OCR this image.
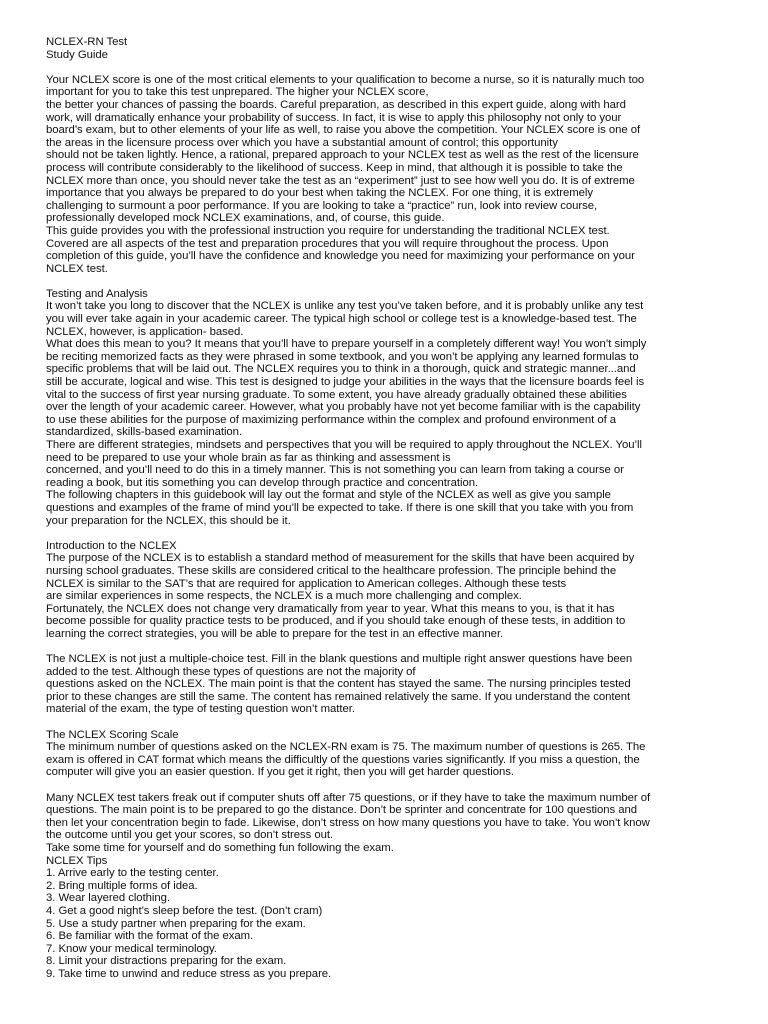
NCLEX-RN Test
Study Guide
Your NCLEX score is one of the most critical elements to your qualification to become a nurse, so it is naturally much too
important for you to take this test unprepared. The higher your NCLEX score,
the better your chances of passing the boards. Careful preparation, as described in this expert guide, along with hard
work, will dramatically enhance your probability of success. In fact, it is wise to apply this philosophy not only to your
board’s exam, but to other elements of your life as well, to raise you above the competition. Your NCLEX score is one of
the areas in the licensure process over which you have a substantial amount of control; this opportunity
should not be taken lightly. Hence, a rational, prepared approach to your NCLEX test as well as the rest of the licensure
process will contribute considerably to the likelihood of success. Keep in mind, that although it is possible to take the
NCLEX more than once, you should never take the test as an “experiment” just to see how well you do. It is of extreme
importance that you always be prepared to do your best when taking the NCLEX. For one thing, it is extremely
challenging to surmount a poor performance. If you are looking to take a “practice” run, look into review course,
professionally developed mock NCLEX examinations, and, of course, this guide.
This guide provides you with the professional instruction you require for understanding the traditional NCLEX test.
Covered are all aspects of the test and preparation procedures that you will require throughout the process. Upon
completion of this guide, you’ll have the confidence and knowledge you need for maximizing your performance on your
NCLEX test.
Testing and Analysis
It won’t take you long to discover that the NCLEX is unlike any test you’ve taken before, and it is probably unlike any test
you will ever take again in your academic career. The typical high school or college test is a knowledge-based test. The
NCLEX, however, is application- based.
What does this mean to you? It means that you’ll have to prepare yourself in a completely different way! You won’t simply
be reciting memorized facts as they were phrased in some textbook, and you won’t be applying any learned formulas to
specific problems that will be laid out. The NCLEX requires you to think in a thorough, quick and strategic manner...and
still be accurate, logical and wise. This test is designed to judge your abilities in the ways that the licensure boards feel is
vital to the success of first year nursing graduate. To some extent, you have already gradually obtained these abilities
over the length of your academic career. However, what you probably have not yet become familiar with is the capability
to use these abilities for the purpose of maximizing performance within the complex and profound environment of a
standardized, skills-based examination.
There are different strategies, mindsets and perspectives that you will be required to apply throughout the NCLEX. You’ll
need to be prepared to use your whole brain as far as thinking and assessment is
concerned, and you’ll need to do this in a timely manner. This is not something you can learn from taking a course or
reading a book, but itis something you can develop through practice and concentration.
The following chapters in this guidebook will lay out the format and style of the NCLEX as well as give you sample
questions and examples of the frame of mind you’ll be expected to take. If there is one skill that you take with you from
your preparation for the NCLEX, this should be it.
Introduction to the NCLEX
The purpose of the NCLEX is to establish a standard method of measurement for the skills that have been acquired by
nursing school graduates. These skills are considered critical to the healthcare profession. The principle behind the
NCLEX is similar to the SAT’s that are required for application to American colleges. Although these tests
are similar experiences in some respects, the NCLEX is a much more challenging and complex.
Fortunately, the NCLEX does not change very dramatically from year to year. What this means to you, is that it has
become possible for quality practice tests to be produced, and if you should take enough of these tests, in addition to
learning the correct strategies, you will be able to prepare for the test in an effective manner.
The NCLEX is not just a multiple-choice test. Fill in the blank questions and multiple right answer questions have been
added to the test. Although these types of questions are not the majority of
questions asked on the NCLEX. The main point is that the content has stayed the same. The nursing principles tested
prior to these changes are still the same. The content has remained relatively the same. If you understand the content
material of the exam, the type of testing question won’t matter.
The NCLEX Scoring Scale
The minimum number of questions asked on the NCLEX-RN exam is 75. The maximum number of questions is 265. The
exam is offered in CAT format which means the difficultly of the questions varies significantly. If you miss a question, the
computer will give you an easier question. If you get it right, then you will get harder questions.
Many NCLEX test takers freak out if computer shuts off after 75 questions, or if they have to take the maximum number of
questions. The main point is to be prepared to go the distance. Don’t be sprinter and concentrate for 100 questions and
then let your concentration begin to fade. Likewise, don’t stress on how many questions you have to take. You won’t know
the outcome until you get your scores, so don’t stress out.
Take some time for yourself and do something fun following the exam.
NCLEX Tips
1. Arrive early to the testing center.
2. Bring multiple forms of idea.
3. Wear layered clothing.
4. Get a good night’s sleep before the test. (Don’t cram)
5. Use a study partner when preparing for the exam.
6. Be familiar with the format of the exam.
7. Know your medical terminology.
8. Limit your distractions preparing for the exam.
9. Take time to unwind and reduce stress as you prepare.
